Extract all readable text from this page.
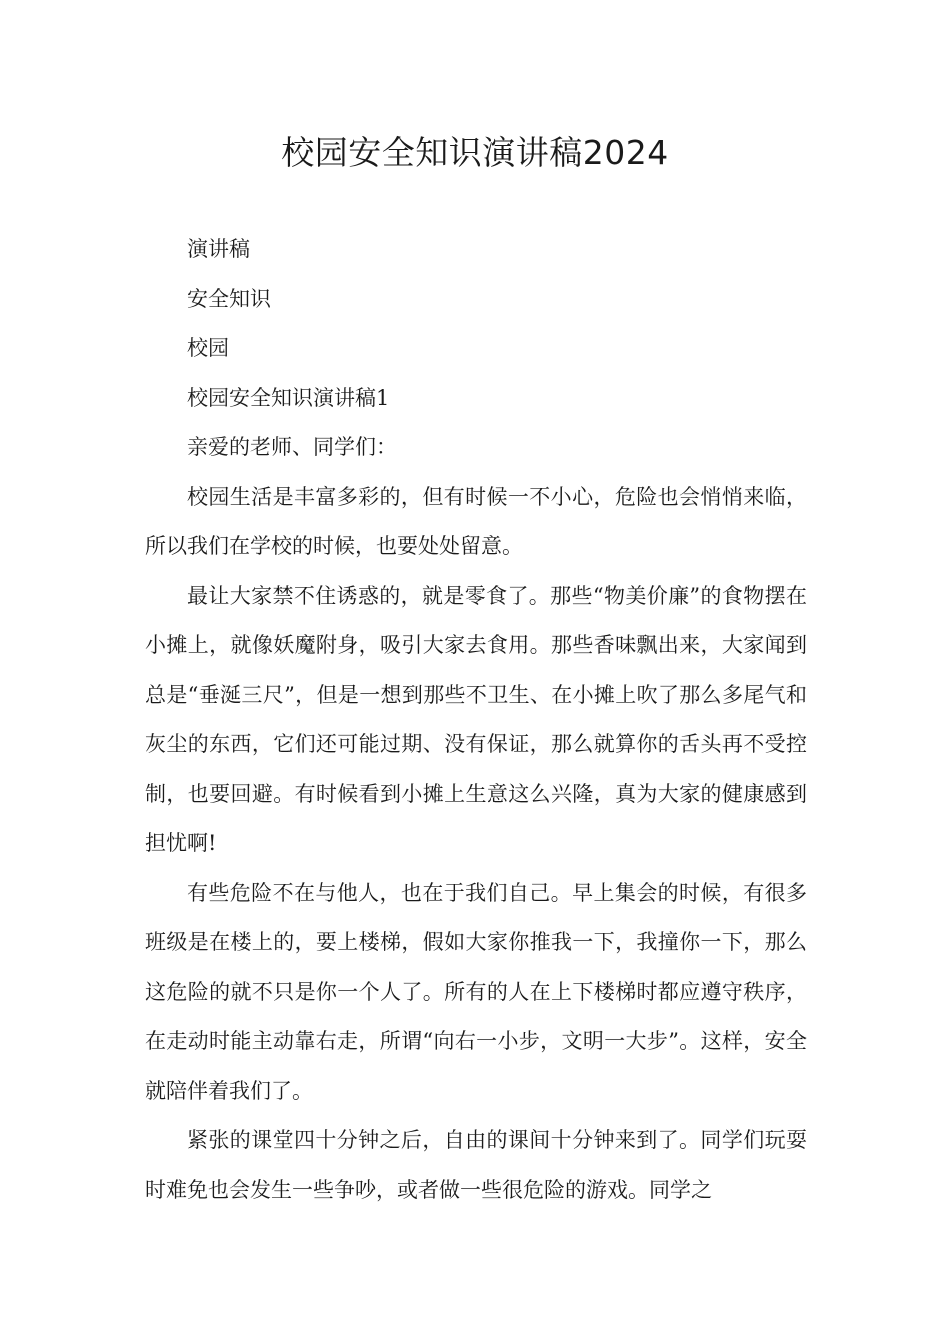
校园安全知识演讲稿2024

演讲稿

安全知识

校园

校园安全知识演讲稿1

亲爱的老师、同学们：

校园生活是丰富多彩的，但有时候一不小心，危险也会悄悄来临，所以我们在学校的时候，也要处处留意。

最让大家禁不住诱惑的，就是零食了。那些“物美价廉”的食物摆在小摊上，就像妖魔附身，吸引大家去食用。那些香味飘出来，大家闻到总是“垂涎三尺”，但是一想到那些不卫生、在小摊上吹了那么多尾气和灰尘的东西，它们还可能过期、没有保证，那么就算你的舌头再不受控制，也要回避。有时候看到小摊上生意这么兴隆，真为大家的健康感到担忧啊!

有些危险不在与他人，也在于我们自己。早上集会的时候，有很多班级是在楼上的，要上楼梯，假如大家你推我一下，我撞你一下，那么这危险的就不只是你一个人了。所有的人在上下楼梯时都应遵守秩序，在走动时能主动靠右走，所谓“向右一小步，文明一大步”。这样，安全就陪伴着我们了。

紧张的课堂四十分钟之后，自由的课间十分钟来到了。同学们玩耍时难免也会发生一些争吵，或者做一些很危险的游戏。同学之
